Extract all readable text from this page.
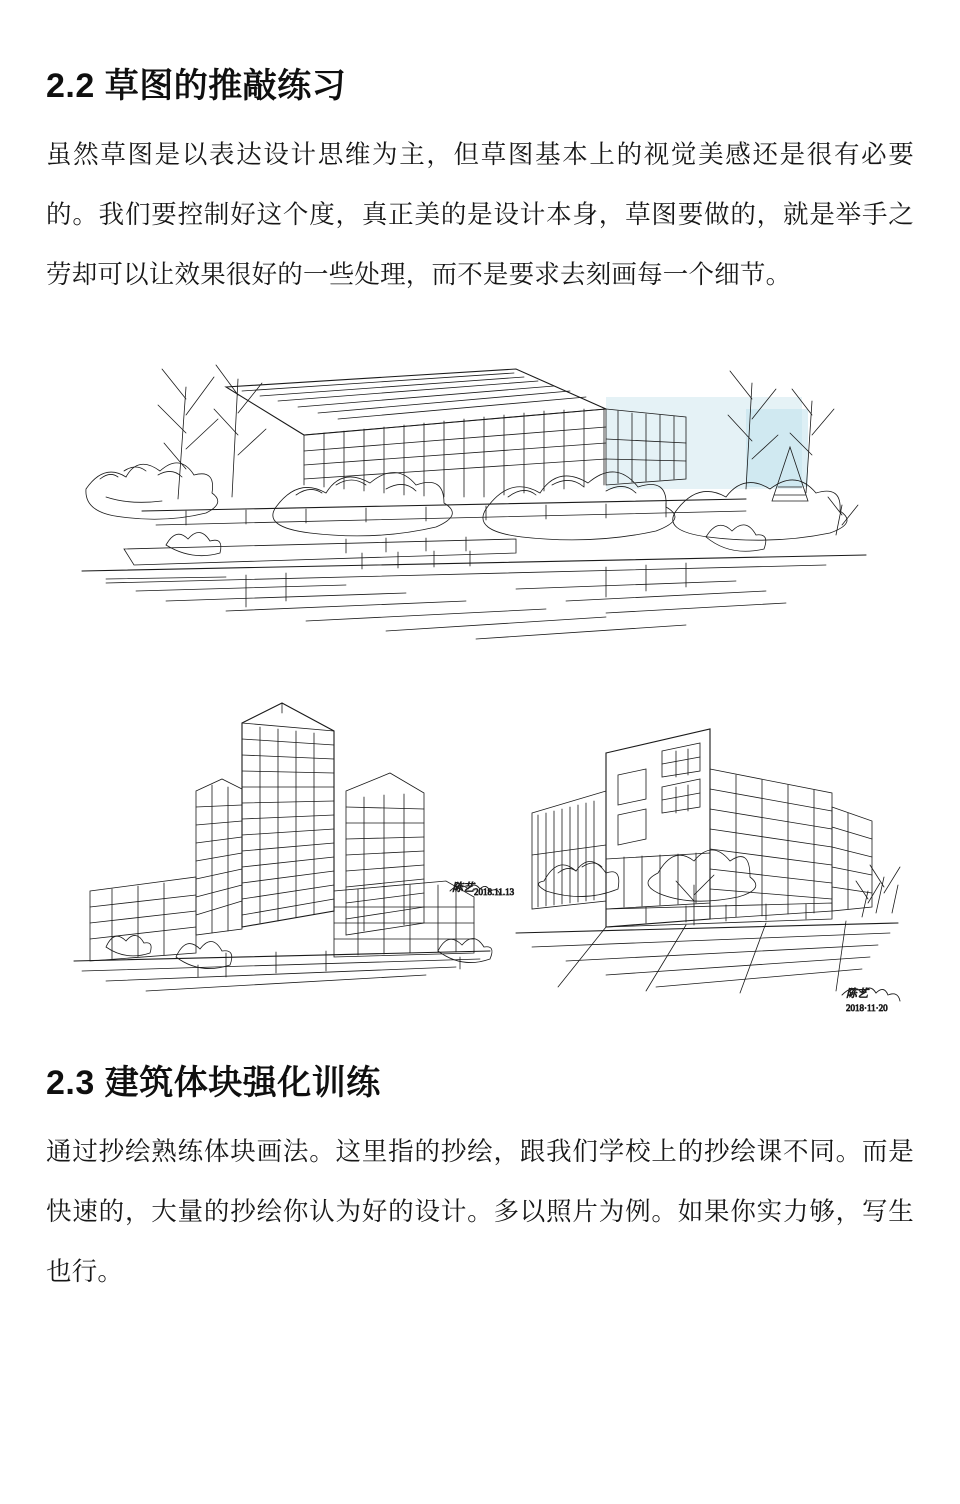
2.2 草图的推敲练习

虽然草图是以表达设计思维为主，但草图基本上的视觉美感还是很有必要的。我们要控制好这个度，真正美的是设计本身，草图要做的，就是举手之劳却可以让效果很好的一些处理，而不是要求去刻画每一个细节。

陈艺 2018.11.13
陈艺
2018·11·20
2.3 建筑体块强化训练

通过抄绘熟练体块画法。这里指的抄绘，跟我们学校上的抄绘课不同。而是快速的，大量的抄绘你认为好的设计。多以照片为例。如果你实力够，写生也行。
